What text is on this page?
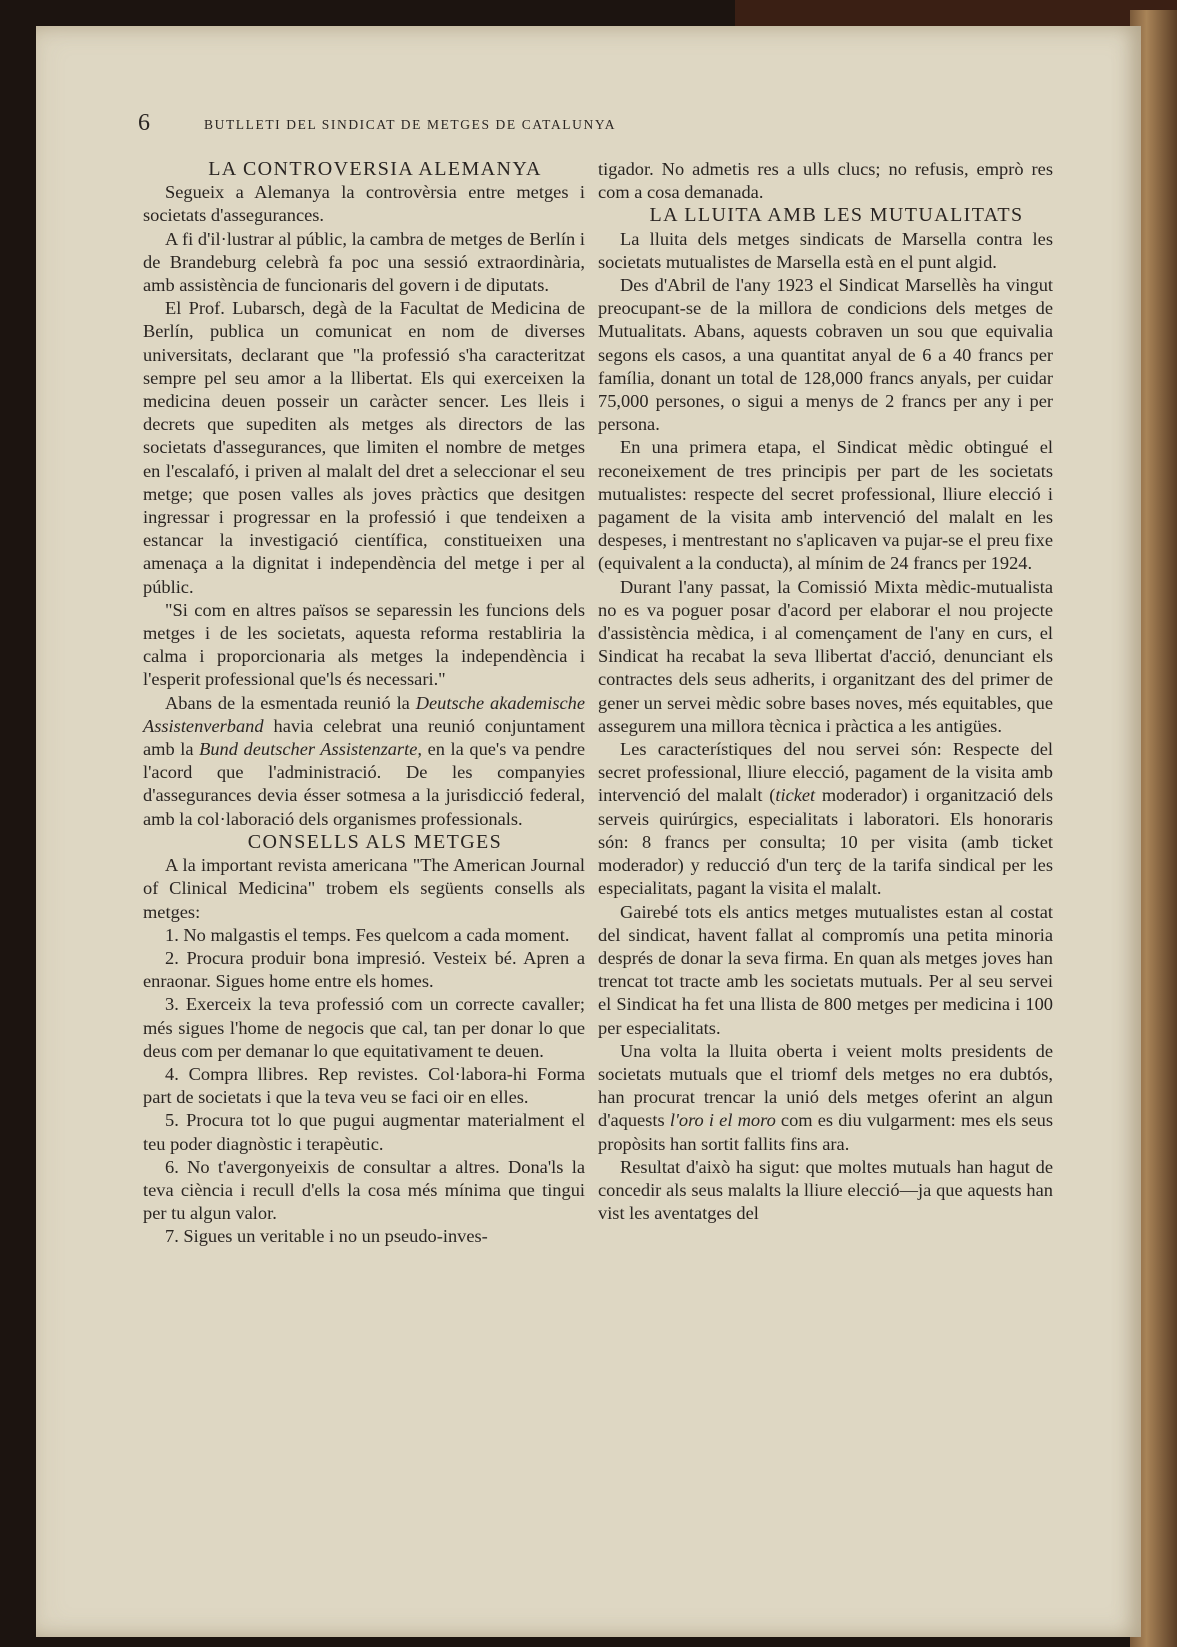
6	BUTLLETI DEL SINDICAT DE METGES DE CATALUNYA

LA CONTROVERSIA ALEMANYA

Segueix a Alemanya la controvèrsia entre metges i societats d'assegurances.

A fi d'il·lustrar al públic, la cambra de metges de Berlín i de Brandeburg celebrà fa poc una sessió extraordinària, amb assistència de funcionaris del govern i de diputats.

El Prof. Lubarsch, degà de la Facultat de Medicina de Berlín, publica un comunicat en nom de diverses universitats, declarant que "la professió s'ha caracteritzat sempre pel seu amor a la llibertat. Els qui exerceixen la medicina deuen posseir un caràcter sencer. Les lleis i decrets que supediten als metges als directors de las societats d'assegurances, que limiten el nombre de metges en l'escalafó, i priven al malalt del dret a seleccionar el seu metge; que posen valles als joves pràctics que desitgen ingressar i progressar en la professió i que tendeixen a estancar la investigació científica, constitueixen una amenaça a la dignitat i independència del metge i per al públic.

"Si com en altres països se separessin les funcions dels metges i de les societats, aquesta reforma restabliria la calma i proporcionaria als metges la independència i l'esperit professional que'ls és necessari."

Abans de la esmentada reunió la Deutsche akademische Assistenverband havia celebrat una reunió conjuntament amb la Bund deutscher Assistenzarte, en la que's va pendre l'acord que l'administració. De les companyies d'assegurances devia ésser sotmesa a la jurisdicció federal, amb la col·laboració dels organismes professionals.

CONSELLS ALS METGES

A la important revista americana "The American Journal of Clinical Medicina" trobem els següents consells als metges:

1. No malgastis el temps. Fes quelcom a cada moment.

2. Procura produir bona impresió. Vesteix bé. Apren a enraonar. Sigues home entre els homes.

3. Exerceix la teva professió com un correcte cavaller; més sigues l'home de negocis que cal, tan per donar lo que deus com per demanar lo que equitativament te deuen.

4. Compra llibres. Rep revistes. Col·labora-hi Forma part de societats i que la teva veu se faci oir en elles.

5. Procura tot lo que pugui augmentar materialment el teu poder diagnòstic i terapèutic.

6. No t'avergonyeixis de consultar a altres. Dona'ls la teva ciència i recull d'ells la cosa més mínima que tingui per tu algun valor.

7. Sigues un veritable i no un pseudo-inves-

tigador. No admetis res a ulls clucs; no refusis, emprò res com a cosa demanada.

LA LLUITA AMB LES MUTUALITATS

La lluita dels metges sindicats de Marsella contra les societats mutualistes de Marsella està en el punt algid.

Des d'Abril de l'any 1923 el Sindicat Marsellès ha vingut preocupant-se de la millora de condicions dels metges de Mutualitats. Abans, aquests cobraven un sou que equivalia segons els casos, a una quantitat anyal de 6 a 40 francs per família, donant un total de 128,000 francs anyals, per cuidar 75,000 persones, o sigui a menys de 2 francs per any i per persona.

En una primera etapa, el Sindicat mèdic obtingué el reconeixement de tres principis per part de les societats mutualistes: respecte del secret professional, lliure elecció i pagament de la visita amb intervenció del malalt en les despeses, i mentrestant no s'aplicaven va pujar-se el preu fixe (equivalent a la conducta), al mínim de 24 francs per 1924.

Durant l'any passat, la Comissió Mixta mèdic-mutualista no es va poguer posar d'acord per elaborar el nou projecte d'assistència mèdica, i al començament de l'any en curs, el Sindicat ha recabat la seva llibertat d'acció, denunciant els contractes dels seus adherits, i organitzant des del primer de gener un servei mèdic sobre bases noves, més equitables, que assegurem una millora tècnica i pràctica a les antigües.

Les característiques del nou servei són: Respecte del secret professional, lliure elecció, pagament de la visita amb intervenció del malalt (ticket moderador) i organització dels serveis quirúrgics, especialitats i laboratori. Els honoraris són: 8 francs per consulta; 10 per visita (amb ticket moderador) y reducció d'un terç de la tarifa sindical per les especialitats, pagant la visita el malalt.

Gairebé tots els antics metges mutualistes estan al costat del sindicat, havent fallat al compromís una petita minoria després de donar la seva firma. En quan als metges joves han trencat tot tracte amb les societats mutuals. Per al seu servei el Sindicat ha fet una llista de 800 metges per medicina i 100 per especialitats.

Una volta la lluita oberta i veient molts presidents de societats mutuals que el triomf dels metges no era dubtós, han procurat trencar la unió dels metges oferint an algun d'aquests l'oro i el moro com es diu vulgarment: mes els seus propòsits han sortit fallits fins ara.

Resultat d'això ha sigut: que moltes mutuals han hagut de concedir als seus malalts la lliure elecció—ja que aquests han vist les aventatges del
